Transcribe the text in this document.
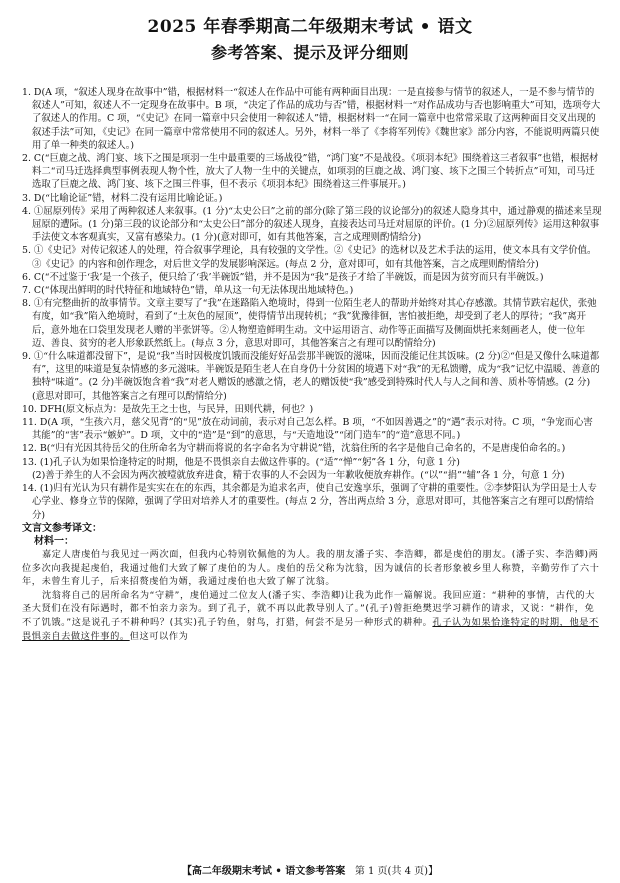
2025 年春季期高二年级期末考试 • 语文
参考答案、提示及评分细则

1. D(A 项，“叙述人现身在故事中”错，根据材料一“叙述人在作品中可能有两种面目出现：一是直接参与情节的叙述人，一是不参与情节的叙述人”可知，叙述人不一定现身在故事中。B 项，“决定了作品的成功与否”错，根据材料一“对作品成功与否也影响重大”可知，选项夸大了叙述人的作用。C 项，“《史记》在同一篇章中只会使用一种叙述人”错，根据材料一“在同一篇章中也常常采取了这两种面目交叉出现的叙述手法”可知，《史记》在同一篇章中常常使用不同的叙述人。另外，材料一举了《李将军列传》《魏世家》部分内容，不能说明两篇只使用了单一种类的叙述人。)

2. C(“巨鹿之战、鸿门宴、垓下之围是项羽一生中最重要的三场战役”错，“鸿门宴”不是战役。《项羽本纪》围绕着这三者叙事”也错，根据材料二“司马迁选择典型事例表现人物个性，放大了人物一生中的关键点，如项羽的巨鹿之战、鸿门宴、垓下之围三个转折点”可知，司马迁选取了巨鹿之战、鸿门宴、垓下之围三件事，但不表示《项羽本纪》围绕着这三件事展开。)

3. D(“比喻论证”错，材料二没有运用比喻论证。)

4. ①屈原列传》采用了两种叙述人来叙事。(1 分)“太史公曰”之前的部分(除了第三段的议论部分)的叙述人隐身其中，通过静观的描述来呈现屈原的遭际。(1 分)第三段的议论部分和“太史公曰”部分的叙述人现身，直接表达司马迁对屈原的评价。(1 分)②屈原列传》运用这种叙事手法使文本客观真实，又富有感染力。(1 分)(意对即可，如有其他答案，言之成理则酌情给分)

5. ①《史记》对传记叙述人的处理，符合叙事学理论，具有较强的文学性。②《史记》的选材以及艺术手法的运用，使文本具有文学价值。③《史记》的内容和创作理念，对后世文学的发展影响深远。(每点 2 分，意对即可，如有其他答案，言之成理则酌情给分)

6. C(“不过鉴于‘我’是一个孩子，便只给了‘我’半碗饭”错，并不是因为“我”是孩子才给了半碗饭，而是因为贫穷而只有半碗饭。)

7. C(“体现出鲜明的时代特征和地域特色”错，单从这一句无法体现出地域特色。)

8. ①有完整曲折的故事情节。文章主要写了“我”在迷路陷入绝境时，得到一位陌生老人的帮助并始终对其心存感激。其情节跌宕起伏，张弛有度，如“我”陷入绝境时，看到了“土灰色的屋顶”，使得情节出现转机；“我”犹豫徘徊，害怕被拒绝，却受到了老人的厚待；“我”离开后，意外地在口袋里发现老人赠的半张饼等。②人物塑造鲜明生动。文中运用语言、动作等正面描写及侧面烘托来刻画老人，使一位年迈、善良、贫穷的老人形象跃然纸上。(每点 3 分，意思对即可，其他答案言之有理可以酌情给分)

9. ①“什么味道都没留下”，是说“我”当时因极度饥饿而没能好好品尝那半碗饭的滋味，因而没能记住其饭味。(2 分)②“但是又像什么味道都有”，这里的味道是复杂情感的多元滋味。半碗饭是陌生老人在自身仍十分贫困的境遇下对“我”的无私馈赠，成为“我”记忆中温暖、善意的独特“味道”。(2 分)半碗饭饱含着“我”对老人赠饭的感激之情，老人的赠饭使“我”感受到特殊时代人与人之间和善、质朴等情感。(2 分)(意思对即可，其他答案言之有理可以酌情给分)

10. DFH(原文标点为：是故先王之士也，与民异，田则代耕，何也？)

11. D(A 项，“生孩六月，慈父见背”的“见”放在动词前，表示对自己怎么样。B 项，“不如因善遇之”的“遇”表示对待。C 项，“争宠而心害其能”的“害”表示“嫉妒”。D 项，文中的“造”是“到”的意思，与“天造地设”“闭门造车”的“造”意思不同。)

12. B(“归有光因其待岳父的住所命名为守耕而将说的名字命名为守耕说”错，沈翁住所的名字是他自己命名的，不是唐虔伯命名的。)

13. (1)孔子认为如果恰逢特定的时期，他是不畏惧亲自去做这件事的。(“适”“惮”“躬”各 1 分，句意 1 分)

(2)善于养生的人不会因为两次被噎就放弃进食，精于农事的人不会因为一年歉收便放弃耕作。(“以”“捐”“辅”各 1 分，句意 1 分)

14. (1)归有光认为只有耕作是实实在在的东西，其余都是为追求名声，使自己安逸享乐，强调了守耕的重要性。②李梦阳认为学田是士人专心学业、修身立节的保障，强调了学田对培养人才的重要性。(每点 2 分，答出两点给 3 分，意思对即可，其他答案言之有理可以酌情给分)

文言文参考译文：

材料一：

嘉定人唐虔伯与我见过一两次面，但我内心特别钦佩他的为人。我的朋友潘子实、李浩卿，都是虔伯的朋友。(潘子实、李浩卿)两位多次向我提起虔伯，我通过他们大致了解了虔伯的为人。虔伯的岳父称为沈翁，因为诚信的长者形象被乡里人称赞，辛勤劳作了六十年，未曾生育儿子，后来招赘虔伯为婿，我通过虔伯也大致了解了沈翁。

沈翁将自己的居所命名为“守耕”，虔伯通过二位友人(潘子实、李浩卿)让我为此作一篇解说。我回应道：“耕种的事情，古代的大圣大贤们在没有际遇时，都不怕亲力亲为。到了孔子，就不再以此教导别人了。”(孔子)曾拒绝樊迟学习耕作的请求，又说：“耕作，免不了饥饿。”这是说孔子不耕种吗？(其实)孔子钓鱼，射鸟，打猎，何尝不是另一种形式的耕种。孔子认为如果恰逢特定的时期，他是不畏惧亲自去做这件事的。但这可以作为

【高二年级期末考试 • 语文参考答案 第 1 页(共 4 页)】
